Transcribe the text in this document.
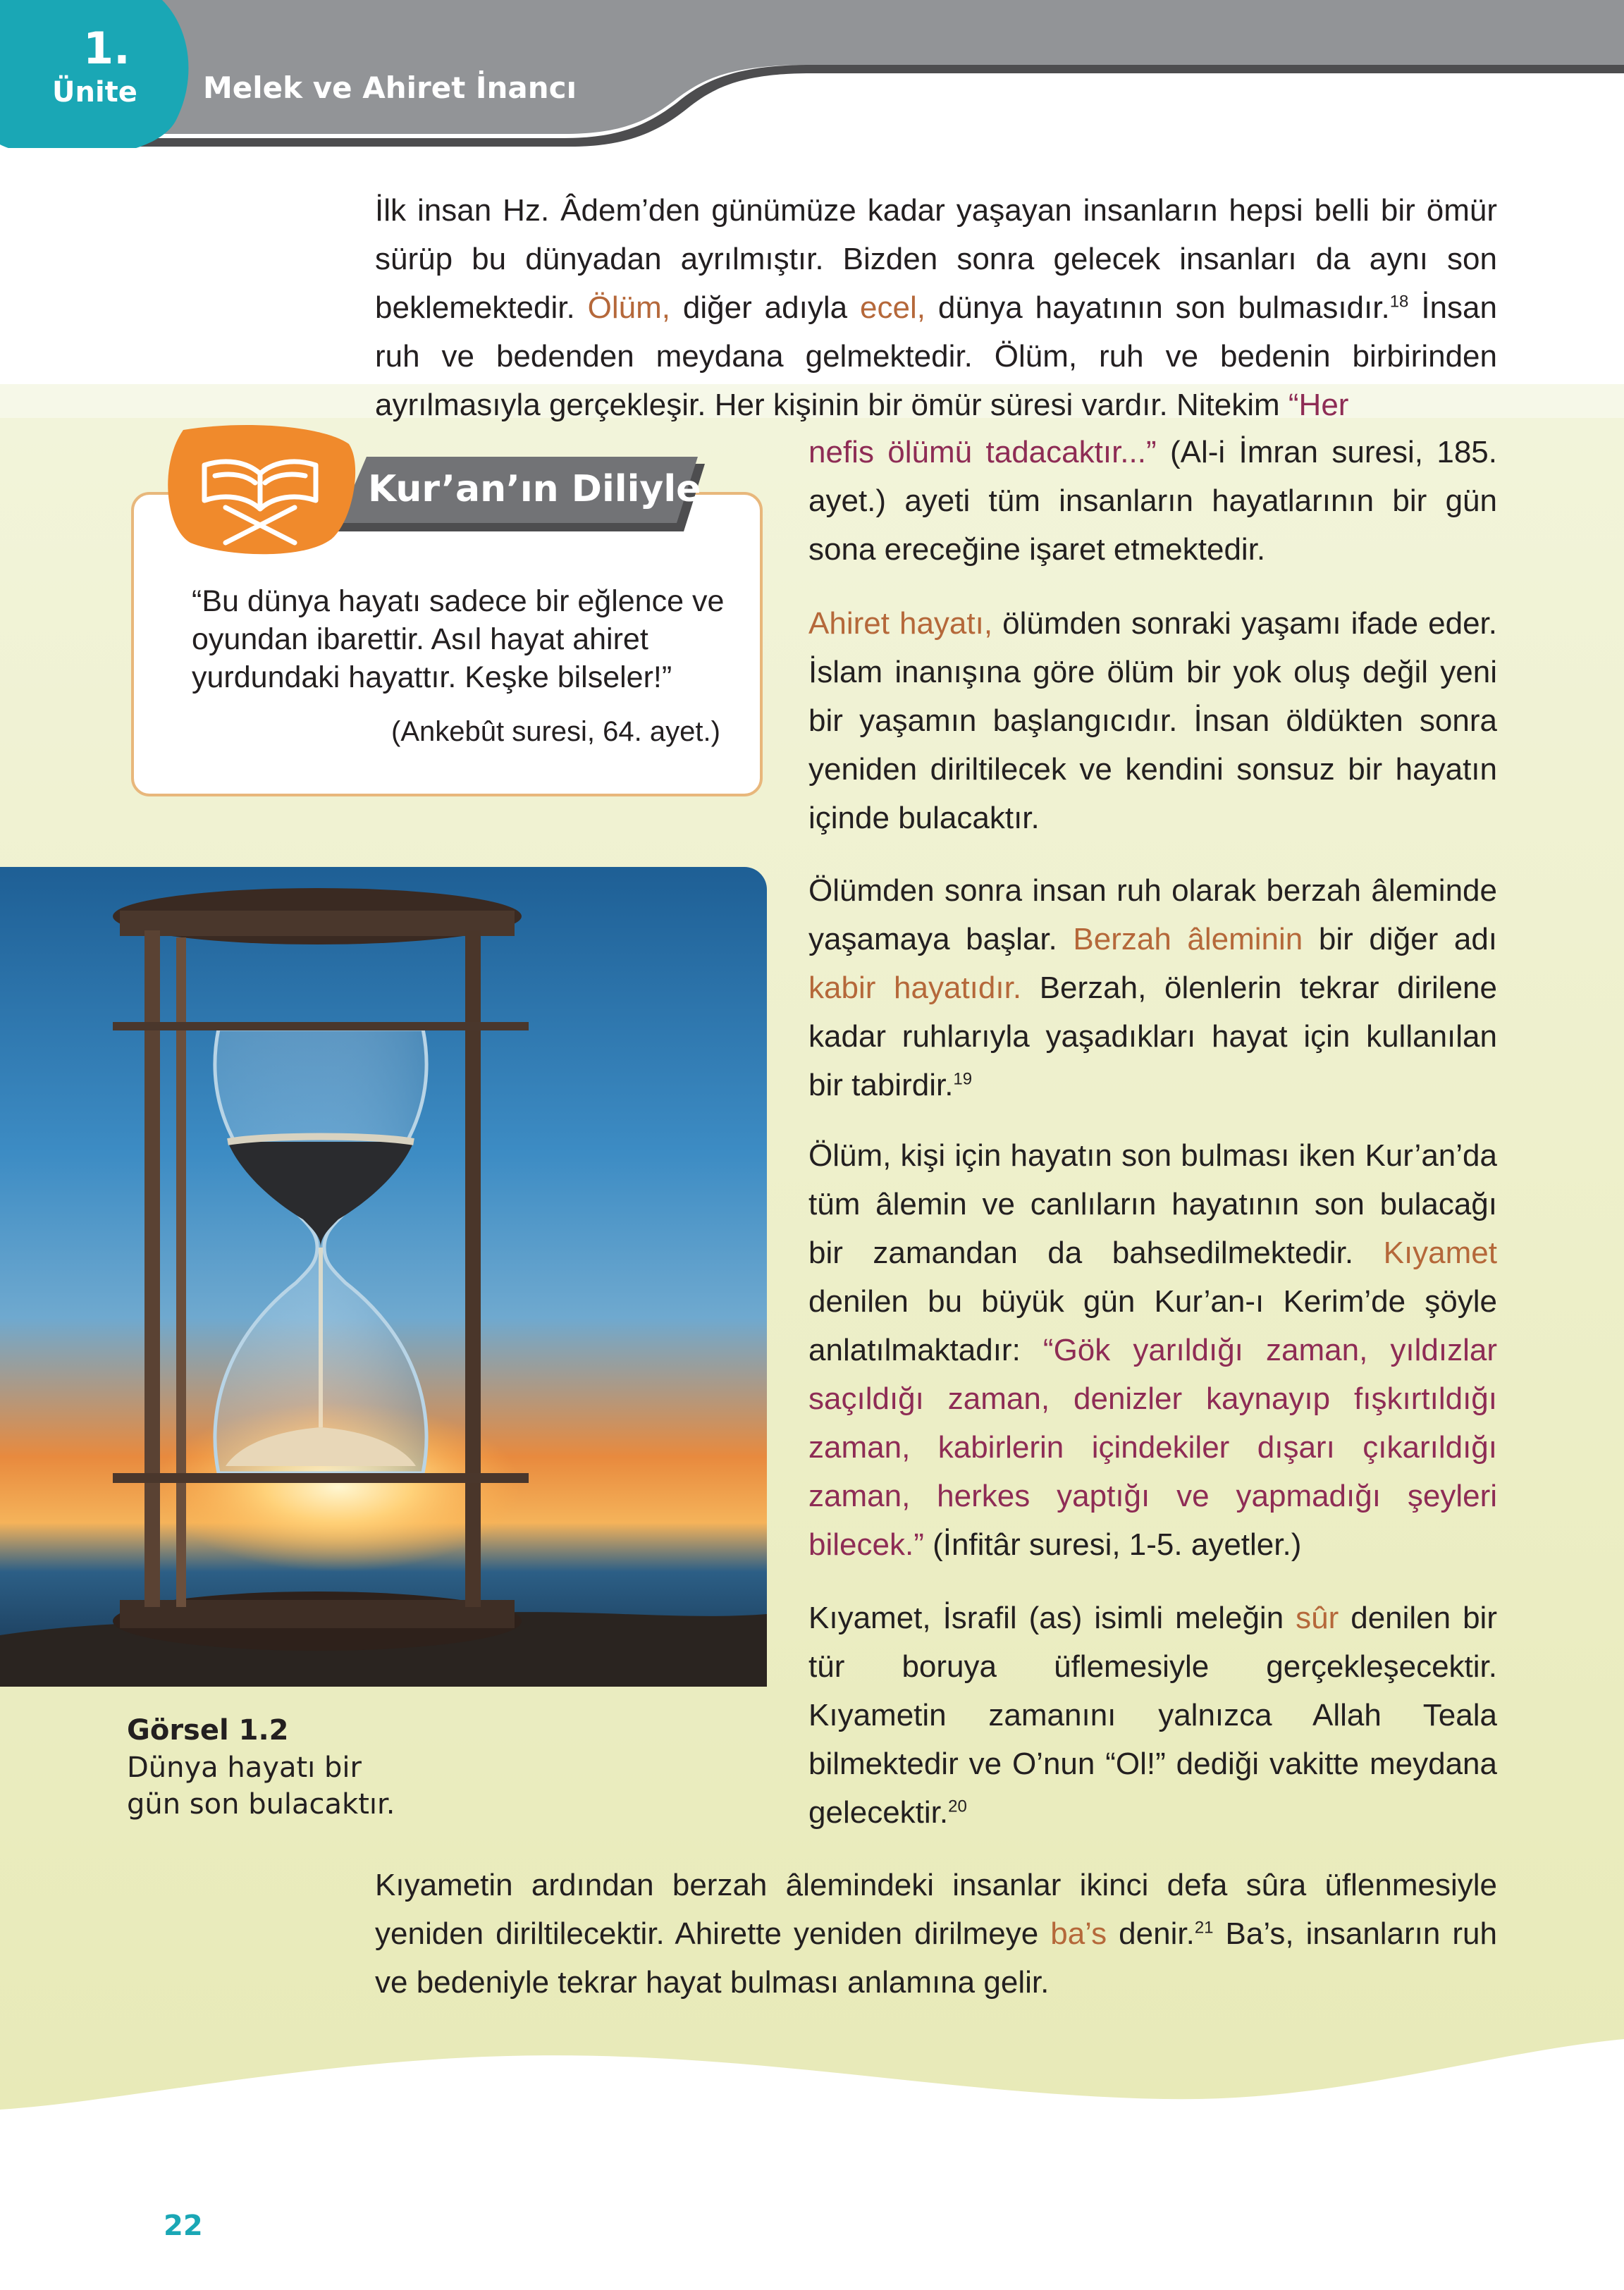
1.
Ünite Melek ve Ahiret İnancı

İlk insan Hz. Âdem’den günümüze kadar yaşayan insanların hepsi belli bir ömür sürüp bu dünyadan ayrılmıştır. Bizden sonra gelecek insanları da aynı son beklemektedir. Ölüm, diğer adıyla ecel, dünya hayatının son bulmasıdır.$^{18}$ İnsan ruh ve bedenden meydana gelmektedir. Ölüm, ruh ve bedenin birbirinden ayrılmasıyla gerçekleşir. Her kişinin bir ömür süresi vardır. Nitekim “Her

nefis ölümü tadacaktır...” (Al-i İmran suresi, 185. ayet.) ayeti tüm insanların hayatlarının bir gün sona ereceğine işaret etmektedir.

Kur’an’ın Diliyle

“Bu dünya hayatı sadece bir eğlence ve oyundan ibarettir. Asıl hayat ahiret yurdundaki hayattır. Keşke bilseler!”

(Ankebût suresi, 64. ayet.)

Ahiret hayatı, ölümden sonraki yaşamı ifade eder. İslam inanışına göre ölüm bir yok oluş değil yeni bir yaşamın başlangıcıdır. İnsan öldükten sonra yeniden diriltilecek ve kendini sonsuz bir hayatın içinde bulacaktır.

Görsel 1.2
Dünya hayatı bir gün son bulacaktır.

Ölümden sonra insan ruh olarak berzah âleminde yaşamaya başlar. Berzah âleminin bir diğer adı kabir hayatıdır. Berzah, ölenlerin tekrar dirilene kadar ruhlarıyla yaşadıkları hayat için kullanılan bir tabirdir.$^{19}$

Ölüm, kişi için hayatın son bulması iken Kur’an’da tüm âlemin ve canlıların hayatının son bulacağı bir zamandan da bahsedilmektedir. Kıyamet denilen bu büyük gün Kur’an-ı Kerim’de şöyle anlatılmaktadır: “Gök yarıldığı zaman, yıldızlar saçıldığı zaman, denizler kaynayıp fışkırtıldığı zaman, kabirlerin içindekiler dışarı çıkarıldığı zaman, herkes yaptığı ve yapmadığı şeyleri bilecek.” (İnfitâr suresi, 1-5. ayetler.)

Kıyamet, İsrafil (as) isimli meleğin sûr denilen bir tür boruya üflemesiyle gerçekleşecektir. Kıyametin zamanını yalnızca Allah Teala bilmektedir ve O’nun “Ol!” dediği vakitte meydana gelecektir.$^{20}$

Kıyametin ardından berzah âlemindeki insanlar ikinci defa sûra üflenmesiyle yeniden diriltilecektir. Ahirette yeniden dirilmeye ba’s denir.$^{21}$ Ba’s, insanların ruh ve bedeniyle tekrar hayat bulması anlamına gelir.

22
